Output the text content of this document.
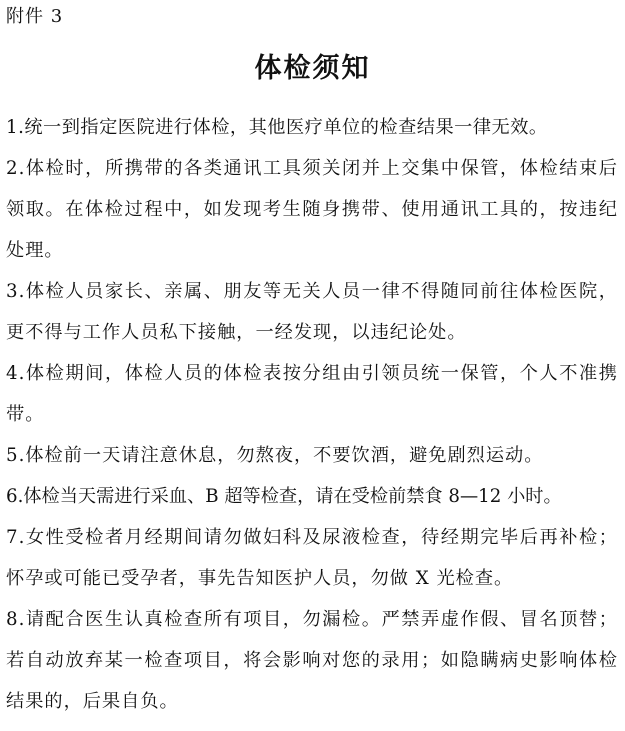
附件 3
体检须知
1.统一到指定医院进行体检，其他医疗单位的检查结果一律无效。
2.体检时，所携带的各类通讯工具须关闭并上交集中保管，体检结束后领取。在体检过程中，如发现考生随身携带、使用通讯工具的，按违纪处理。
3.体检人员家长、亲属、朋友等无关人员一律不得随同前往体检医院，更不得与工作人员私下接触，一经发现，以违纪论处。
4.体检期间，体检人员的体检表按分组由引领员统一保管，个人不准携带。
5.体检前一天请注意休息，勿熬夜，不要饮酒，避免剧烈运动。
6.体检当天需进行采血、B 超等检查，请在受检前禁食 8—12 小时。
7.女性受检者月经期间请勿做妇科及尿液检查，待经期完毕后再补检；怀孕或可能已受孕者，事先告知医护人员，勿做 X 光检查。
8.请配合医生认真检查所有项目，勿漏检。严禁弄虚作假、冒名顶替；若自动放弃某一检查项目，将会影响对您的录用；如隐瞒病史影响体检结果的，后果自负。
